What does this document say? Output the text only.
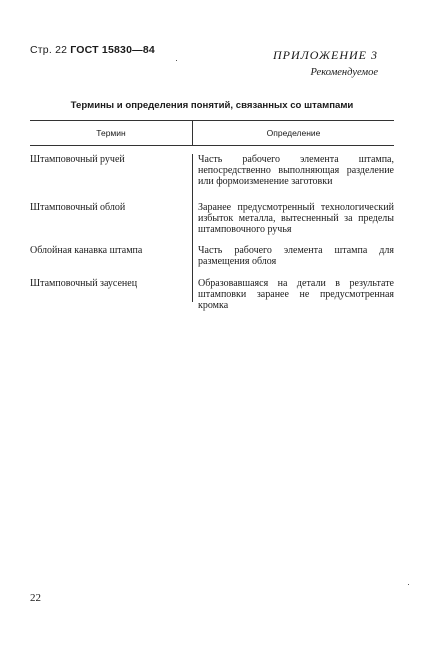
Стр. 22 ГОСТ 15830—84	ПРИЛОЖЕНИЕ 3
Рекомендуемое
Термины и определения понятий, связанных со штампами
Термин	Определение
Штамповочный ручей	Часть рабочего элемента штампа, непосредственно выполняющая разделение или формоизменение заготовки
Штамповочный облой	Заранее предусмотренный технологический избыток металла, вытесненный за пределы штамповочного ручья
Облойная канавка штампа	Часть рабочего элемента штампа для размещения облоя
Штамповочный заусенец	Образовавшаяся на детали в результате штамповки заранее не предусмотренная кромка
22
